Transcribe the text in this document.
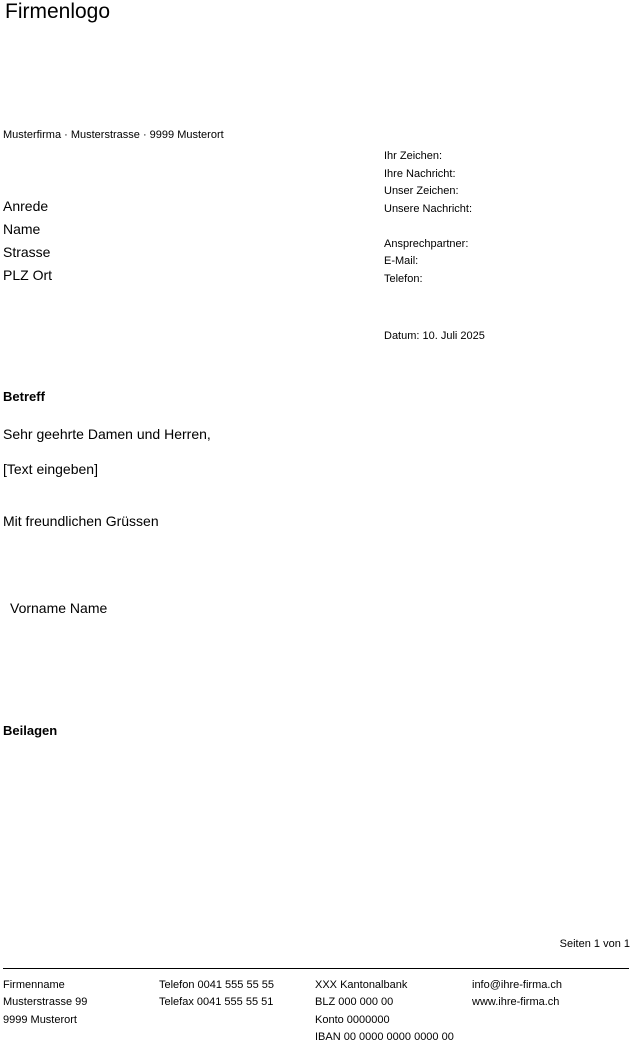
Firmenlogo
Musterfirma · Musterstrasse · 9999 Musterort
Anrede
Name
Strasse
PLZ Ort
Ihr Zeichen:
Ihre Nachricht:
Unser Zeichen:
Unsere Nachricht:
Ansprechpartner:
E-Mail:
Telefon:
Datum: 10. Juli 2025
Betreff
Sehr geehrte Damen und Herren,
[Text eingeben]
Mit freundlichen Grüssen
Vorname Name
Beilagen
Seiten 1 von 1
Firmenname
Musterstrasse 99
9999 Musterort
Telefon 0041 555 55 55
Telefax 0041 555 55 51
XXX Kantonalbank
BLZ 000 000 00
Konto 0000000
IBAN 00 0000 0000 0000 00
info@ihre-firma.ch
www.ihre-firma.ch
